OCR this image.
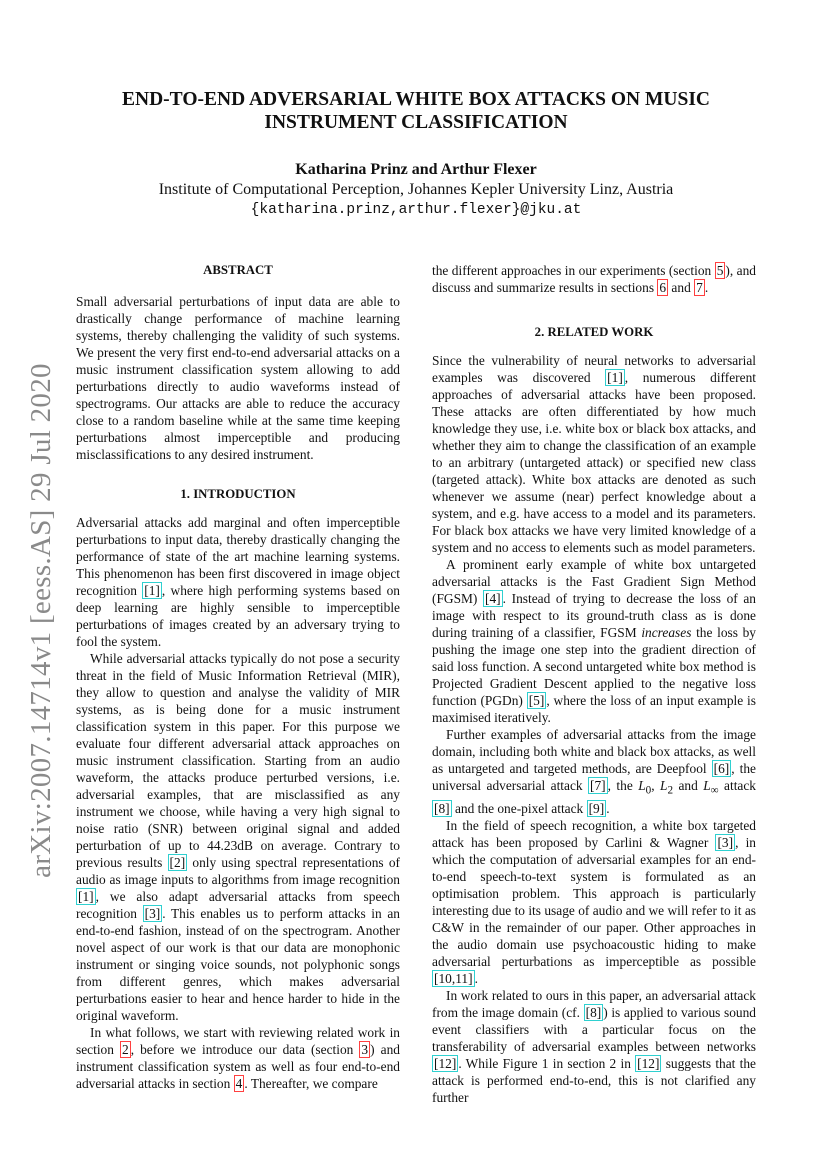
arXiv:2007.14714v1 [eess.AS] 29 Jul 2020
END-TO-END ADVERSARIAL WHITE BOX ATTACKS ON MUSIC
INSTRUMENT CLASSIFICATION
Katharina Prinz and Arthur Flexer
Institute of Computational Perception, Johannes Kepler University Linz, Austria
{katharina.prinz,arthur.flexer}@jku.at
ABSTRACT

Small adversarial perturbations of input data are able to drastically change performance of machine learning systems, thereby challenging the validity of such systems. We present the very first end-to-end adversarial attacks on a music instrument classification system allowing to add perturbations directly to audio waveforms instead of spectrograms. Our attacks are able to reduce the accuracy close to a random baseline while at the same time keeping perturbations almost imperceptible and producing misclassifications to any desired instrument.

1. INTRODUCTION

Adversarial attacks add marginal and often imperceptible perturbations to input data, thereby drastically changing the performance of state of the art machine learning systems. This phenomenon has been first discovered in image object recognition [1] , where high performing systems based on deep learning are highly sensible to imperceptible perturbations of images created by an adversary trying to fool the system.

While adversarial attacks typically do not pose a security threat in the field of Music Information Retrieval (MIR), they allow to question and analyse the validity of MIR systems, as is being done for a music instrument classification system in this paper. For this purpose we evaluate four different adversarial attack approaches on music instrument classification. Starting from an audio waveform, the attacks produce perturbed versions, i.e. adversarial examples, that are misclassified as any instrument we choose, while having a very high signal to noise ratio (SNR) between original signal and added perturbation of up to 44.23dB on average. Contrary to previous results [2] only using spectral representations of audio as image inputs to algorithms from image recognition [1] , we also adapt adversarial attacks from speech recognition [3] . This enables us to perform attacks in an end-to-end fashion, instead of on the spectrogram. Another novel aspect of our work is that our data are monophonic instrument or singing voice sounds, not polyphonic songs from different genres, which makes adversarial perturbations easier to hear and hence harder to hide in the original waveform.

In what follows, we start with reviewing related work in section 2 , before we introduce our data (section 3 ) and instrument classification system as well as four end-to-end adversarial attacks in section 4 . Thereafter, we compare

the different approaches in our experiments (section 5 ), and discuss and summarize results in sections 6 and 7 .

2. RELATED WORK

Since the vulnerability of neural networks to adversarial examples was discovered [1] , numerous different approaches of adversarial attacks have been proposed. These attacks are often differentiated by how much knowledge they use, i.e. white box or black box attacks, and whether they aim to change the classification of an example to an arbitrary (untargeted attack) or specified new class (targeted attack). White box attacks are denoted as such whenever we assume (near) perfect knowledge about a system, and e.g. have access to a model and its parameters. For black box attacks we have very limited knowledge of a system and no access to elements such as model parameters.

A prominent early example of white box untargeted adversarial attacks is the Fast Gradient Sign Method (FGSM) [4] . Instead of trying to decrease the loss of an image with respect to its ground-truth class as is done during training of a classifier, FGSM increases the loss by pushing the image one step into the gradient direction of said loss function. A second untargeted white box method is Projected Gradient Descent applied to the negative loss function (PGDn) [5] , where the loss of an input example is maximised iteratively.

Further examples of adversarial attacks from the image domain, including both white and black box attacks, as well as untargeted and targeted methods, are Deepfool [6] , the universal adversarial attack [7] , the $L_0$, $L_2$ and $L_\infty$ attack [8] and the one-pixel attack [9] .

In the field of speech recognition, a white box targeted attack has been proposed by Carlini & Wagner [3] , in which the computation of adversarial examples for an end-to-end speech-to-text system is formulated as an optimisation problem. This approach is particularly interesting due to its usage of audio and we will refer to it as C&W in the remainder of our paper. Other approaches in the audio domain use psychoacoustic hiding to make adversarial perturbations as imperceptible as possible [10,11] .

In work related to ours in this paper, an adversarial attack from the image domain (cf. [8] ) is applied to various sound event classifiers with a particular focus on the transferability of adversarial examples between networks [12] . While Figure 1 in section 2 in [12] suggests that the attack is performed end-to-end, this is not clarified any further
